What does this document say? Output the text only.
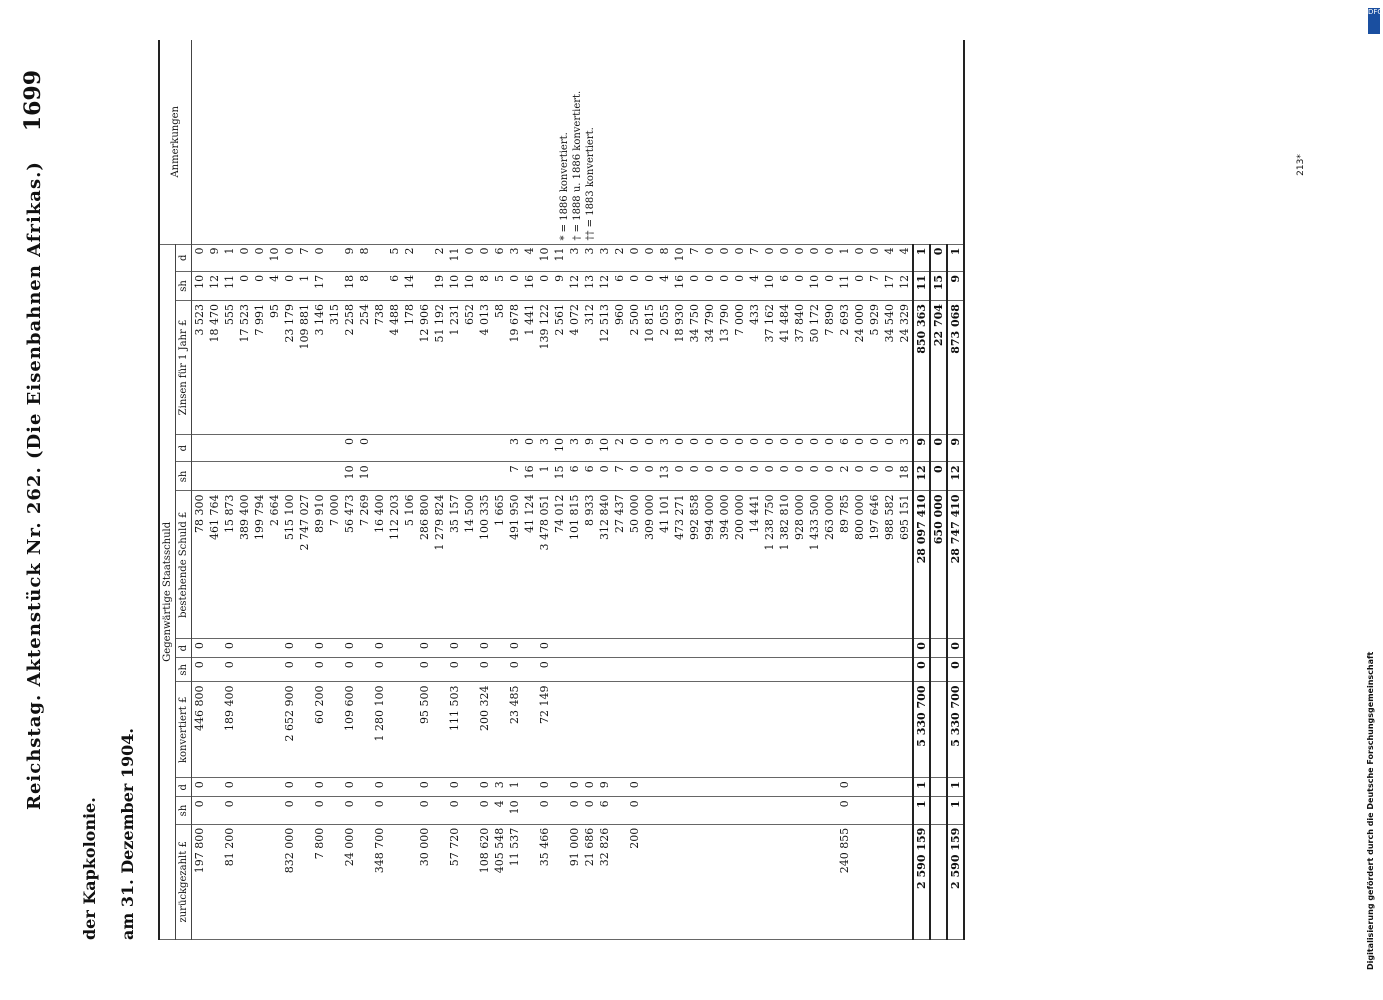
Reichstag. Aktenstück Nr. 262. (Die Eisenbahnen Afrikas.)
1699
der Kapkolonie. am 31. Dezember 1904.
Gegenwärtige Staatsschuld												Anmerkungen
zurückgezahlt £	sh	d	konvertiert £	sh	d	bestehende Schuld £	sh	d	Zinsen für 1 Jahr £	sh	d	
197 800	0	0	446 800	0	0	78 300			3 523	10	0	* = 1886 konvertiert. † = 1888 u. 1886 konvertiert. †† = 1883 konvertiert.

						461 764			18 470	12	9	
81 200	0	0	189 400	0	0	15 873			555	11	1	
						389 400			17 523	0	0	
						199 794			7 991	0	0	
						2 664			95	4	10	
832 000	0	0	2 652 900	0	0	515 100			23 179	0	0	
						2 747 027			109 881	1	7	
7 800	0	0	60 200	0	0	89 910			3 146	17	0	
						7 000			315			
24 000	0	0	109 600	0	0	56 473	10	0	2 258	18	9	
						7 269	10	0	254	8	8	
348 700	0	0	1 280 100	0	0	16 400			738			
						112 203			4 488	6	5	
						5 106			178	14	2	
30 000	0	0	95 500	0	0	286 800			12 906			
						1 279 824			51 192	19	2	
57 720	0	0	111 503	0	0	35 157			1 231	10	11	
						14 500			652	10	0	
108 620	0	0	200 324	0	0	100 335			4 013	8	0	
405 548	4	3				1 665			58	5	6	
11 537	10	1	23 485	0	0	491 950	7	3	19 678	0	3	
						41 124	16	0	1 441	16	4	
35 466	0	0	72 149	0	0	3 478 051	1	3	139 122	0	10	
						74 012	15	10	2 561	9	11	
91 000	0	0				101 815	6	3	4 072	12	3	
21 686	0	0				8 933	6	9	312	13	3	
32 826	6	9				312 840	0	10	12 513	12	3	
						27 437	7	2	960	6	2	
200	0	0				50 000	0	0	2 500	0	0	
						309 000	0	0	10 815	0	0	
						41 101	13	3	2 055	4	8	
						473 271	0	0	18 930	16	10	
						992 858	0	0	34 750	0	7	
						994 000	0	0	34 790	0	0	
						394 000	0	0	13 790	0	0	
						200 000	0	0	7 000	0	0	
						14 441	0	0	433	4	7	
						1 238 750	0	0	37 162	10	0	
						1 382 810	0	0	41 484	6	0	
						928 000	0	0	37 840	0	0	
						1 433 500	0	0	50 172	10	0	
						263 000	0	0	7 890	0	0	
240 855	0	0				89 785	2	6	2 693	11	1	
						800 000	0	0	24 000	0	0	
						197 646	0	0	5 929	7	0	
						988 582	0	0	34 540	17	4	
						695 151	18	3	24 329	12	4	
2 590 159	1	1	5 330 700	0	0	28 097 410	12	9	850 363	11	1	
						650 000	0	0	22 704	15	0	
2 590 159	1	1	5 330 700	0	0	28 747 410	12	9	873 068	9	1	
213*
DFG
Digitalisierung gefördert durch die Deutsche Forschungsgemeinschaft
